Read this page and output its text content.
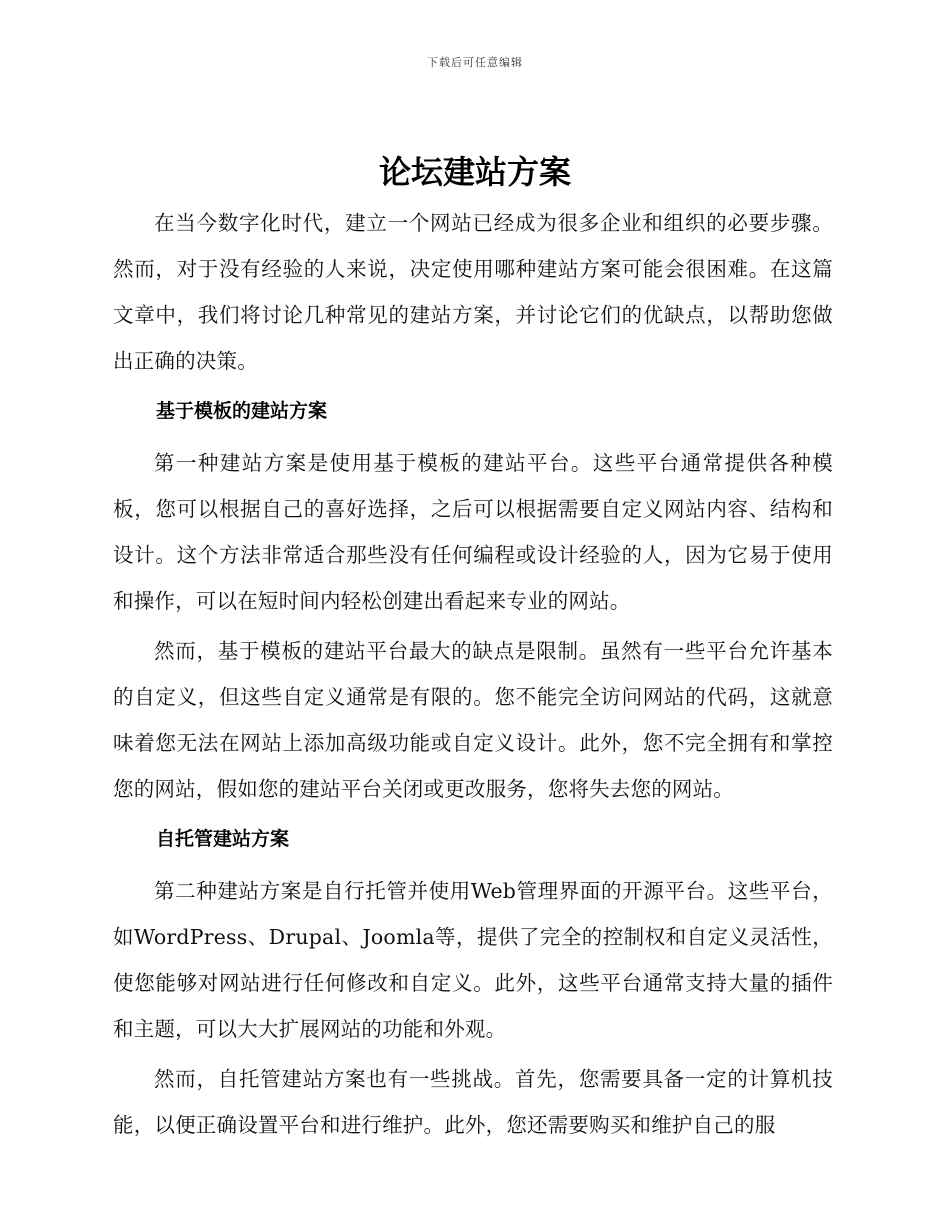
下载后可任意编辑
论坛建站方案

在当今数字化时代，建立一个网站已经成为很多企业和组织的必要步骤。然而，对于没有经验的人来说，决定使用哪种建站方案可能会很困难。在这篇文章中，我们将讨论几种常见的建站方案，并讨论它们的优缺点，以帮助您做出正确的决策。

基于模板的建站方案

第一种建站方案是使用基于模板的建站平台。这些平台通常提供各种模板，您可以根据自己的喜好选择，之后可以根据需要自定义网站内容、结构和设计。这个方法非常适合那些没有任何编程或设计经验的人，因为它易于使用和操作，可以在短时间内轻松创建出看起来专业的网站。

然而，基于模板的建站平台最大的缺点是限制。虽然有一些平台允许基本的自定义，但这些自定义通常是有限的。您不能完全访问网站的代码，这就意味着您无法在网站上添加高级功能或自定义设计。此外，您不完全拥有和掌控您的网站，假如您的建站平台关闭或更改服务，您将失去您的网站。

自托管建站方案

第二种建站方案是自行托管并使用Web管理界面的开源平台。这些平台，如WordPress、Drupal、Joomla等，提供了完全的控制权和自定义灵活性，使您能够对网站进行任何修改和自定义。此外，这些平台通常支持大量的插件和主题，可以大大扩展网站的功能和外观。

然而，自托管建站方案也有一些挑战。首先，您需要具备一定的计算机技能，以便正确设置平台和进行维护。此外，您还需要购买和维护自己的服
